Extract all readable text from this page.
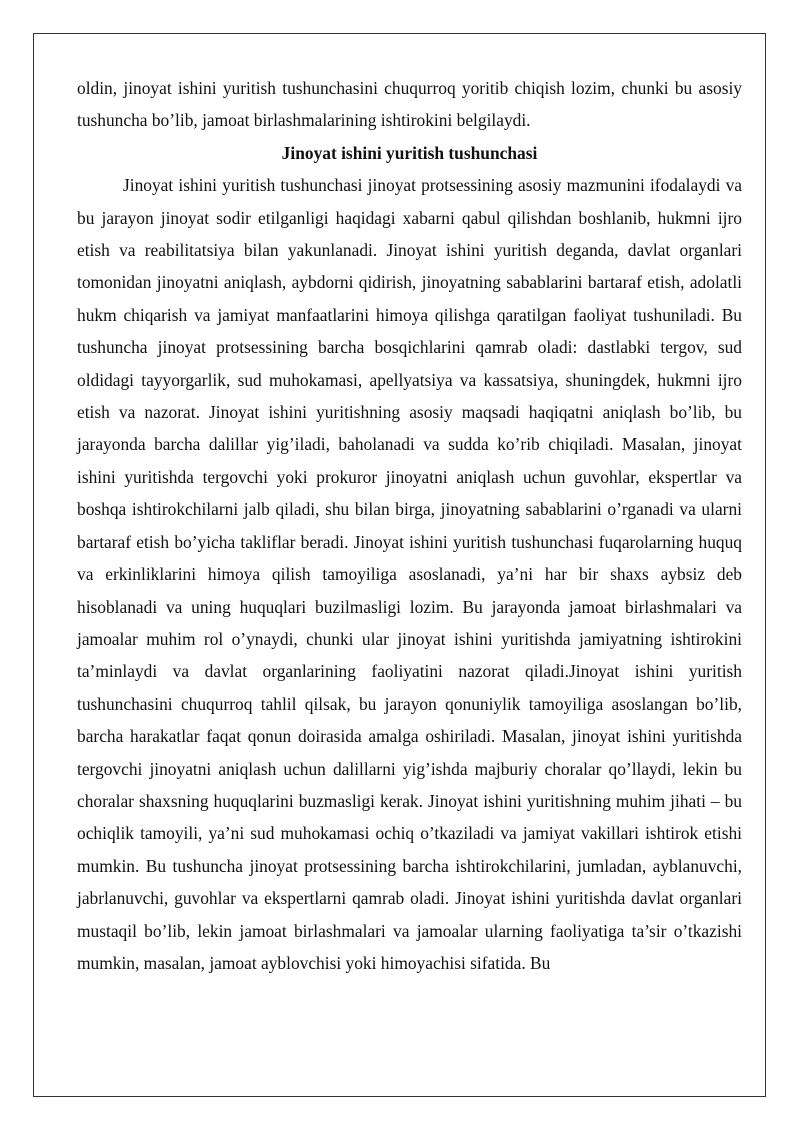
oldin, jinoyat ishini yuritish tushunchasini chuqurroq yoritib chiqish lozim, chunki bu asosiy tushuncha bo’lib, jamoat birlashmalarining ishtirokini belgilaydi.

Jinoyat ishini yuritish tushunchasi

Jinoyat ishini yuritish tushunchasi jinoyat protsessining asosiy mazmunini ifodalaydi va bu jarayon jinoyat sodir etilganligi haqidagi xabarni qabul qilishdan boshlanib, hukmni ijro etish va reabilitatsiya bilan yakunlanadi. Jinoyat ishini yuritish deganda, davlat organlari tomonidan jinoyatni aniqlash, aybdorni qidirish, jinoyatning sabablarini bartaraf etish, adolatli hukm chiqarish va jamiyat manfaatlarini himoya qilishga qaratilgan faoliyat tushuniladi. Bu tushuncha jinoyat protsessining barcha bosqichlarini qamrab oladi: dastlabki tergov, sud oldidagi tayyorgarlik, sud muhokamasi, apellyatsiya va kassatsiya, shuningdek, hukmni ijro etish va nazorat. Jinoyat ishini yuritishning asosiy maqsadi haqiqatni aniqlash bo’lib, bu jarayonda barcha dalillar yig’iladi, baholanadi va sudda ko’rib chiqiladi. Masalan, jinoyat ishini yuritishda tergovchi yoki prokuror jinoyatni aniqlash uchun guvohlar, ekspertlar va boshqa ishtirokchilarni jalb qiladi, shu bilan birga, jinoyatning sabablarini o’rganadi va ularni bartaraf etish bo’yicha takliflar beradi. Jinoyat ishini yuritish tushunchasi fuqarolarning huquq va erkinliklarini himoya qilish tamoyiliga asoslanadi, ya’ni har bir shaxs aybsiz deb hisoblanadi va uning huquqlari buzilmasligi lozim. Bu jarayonda jamoat birlashmalari va jamoalar muhim rol o’ynaydi, chunki ular jinoyat ishini yuritishda jamiyatning ishtirokini ta’minlaydi va davlat organlarining faoliyatini nazorat qiladi.Jinoyat ishini yuritish tushunchasini chuqurroq tahlil qilsak, bu jarayon qonuniylik tamoyiliga asoslangan bo’lib, barcha harakatlar faqat qonun doirasida amalga oshiriladi. Masalan, jinoyat ishini yuritishda tergovchi jinoyatni aniqlash uchun dalillarni yig’ishda majburiy choralar qo’llaydi, lekin bu choralar shaxsning huquqlarini buzmasligi kerak. Jinoyat ishini yuritishning muhim jihati – bu ochiqlik tamoyili, ya’ni sud muhokamasi ochiq o’tkaziladi va jamiyat vakillari ishtirok etishi mumkin. Bu tushuncha jinoyat protsessining barcha ishtirokchilarini, jumladan, ayblanuvchi, jabrlanuvchi, guvohlar va ekspertlarni qamrab oladi. Jinoyat ishini yuritishda davlat organlari mustaqil bo’lib, lekin jamoat birlashmalari va jamoalar ularning faoliyatiga ta’sir o’tkazishi mumkin, masalan, jamoat ayblovchisi yoki himoyachisi sifatida. Bu
